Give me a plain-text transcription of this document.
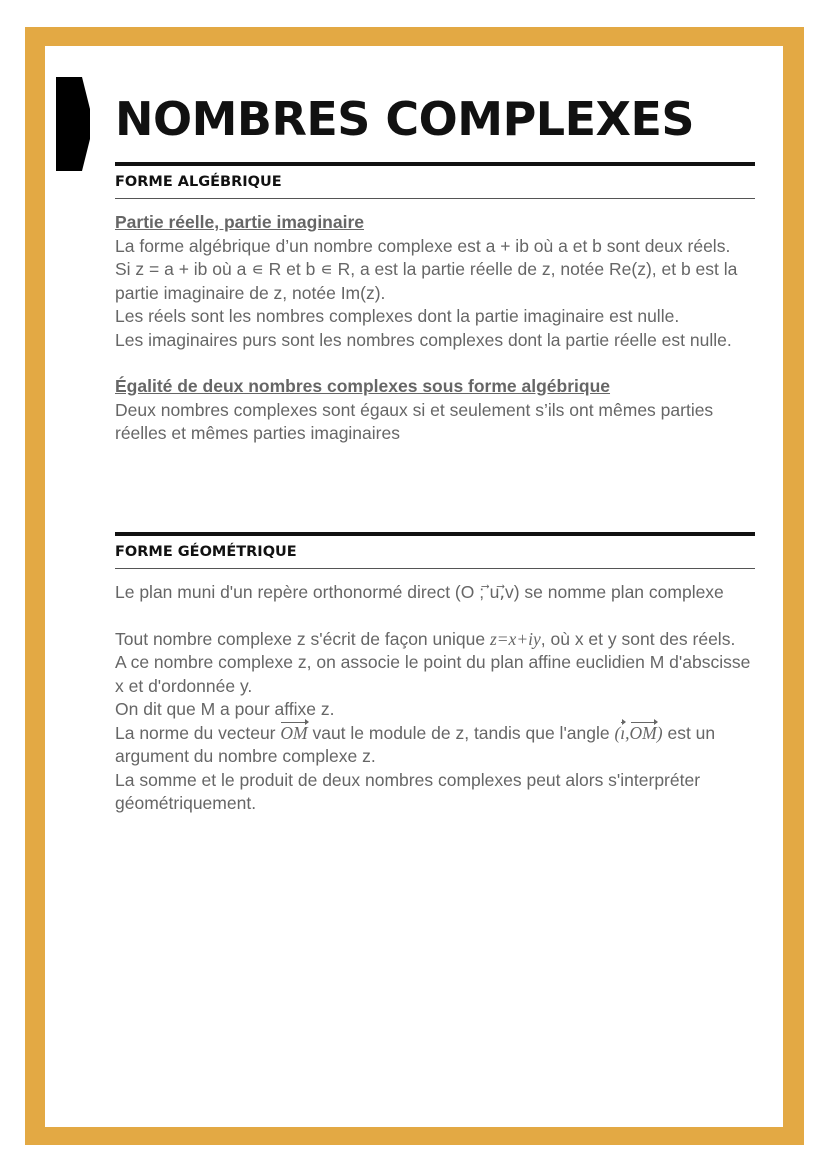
NOMBRES COMPLEXES
FORME ALGÉBRIQUE

Partie réelle, partie imaginaire

La forme algébrique d’un nombre complexe est a + ib où a et b sont deux réels.

Si z = a + ib où a ∊ R et b ∊ R, a est la partie réelle de z, notée Re(z), et b est la partie imaginaire de z, notée Im(z).

Les réels sont les nombres complexes dont la partie imaginaire est nulle.

Les imaginaires purs sont les nombres complexes dont la partie réelle est nulle.

Égalité de deux nombres complexes sous forme algébrique

Deux nombres complexes sont égaux si et seulement s’ils ont mêmes parties réelles et mêmes parties imaginaires

FORME GÉOMÉTRIQUE

Le plan muni d'un repère orthonormé direct (O ; ⃗u,⃗v) se nomme plan complexe

Tout nombre complexe z s'écrit de façon unique z=x+iy, où x et y sont des réels.

A ce nombre complexe z, on associe le point du plan affine euclidien M d'abscisse x et d'ordonnée y.

On dit que M a pour affixe z.

La norme du vecteur OM vaut le module de z, tandis que l'angle (ı,OM) est un argument du nombre complexe z.

La somme et le produit de deux nombres complexes peut alors s'interpréter géométriquement.
